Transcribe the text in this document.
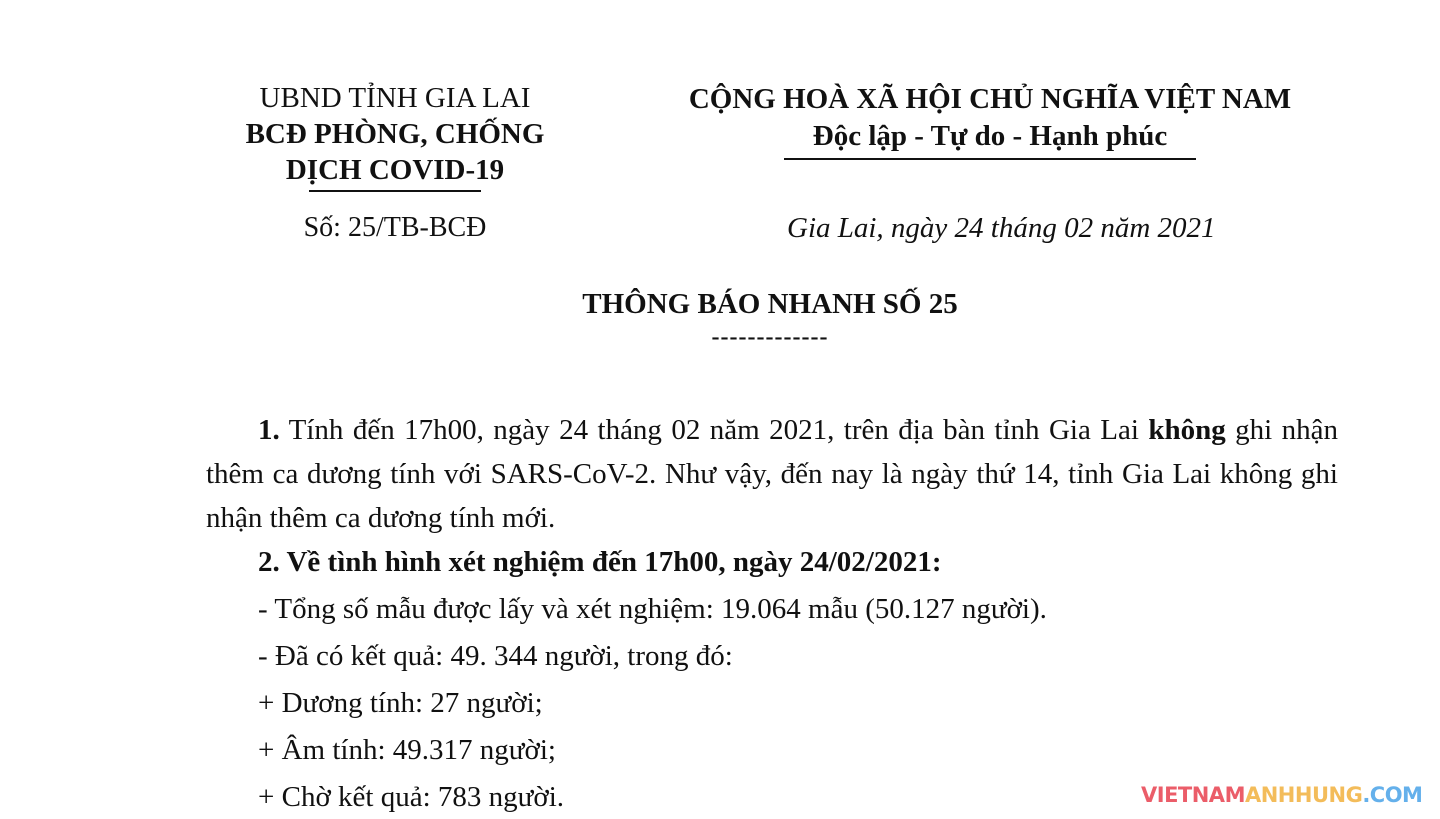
UBND TỈNH GIA LAI
BCĐ PHÒNG, CHỐNG
DỊCH COVID-19
Số: 25/TB-BCĐ
CỘNG HOÀ XÃ HỘI CHỦ NGHĨA VIỆT NAM
Độc lập - Tự do - Hạnh phúc
Gia Lai, ngày 24 tháng 02 năm 2021
THÔNG BÁO NHANH SỐ 25
-------------
1. Tính đến 17h00, ngày 24 tháng 02 năm 2021, trên địa bàn tỉnh Gia Lai không ghi nhận thêm ca dương tính với SARS-CoV-2. Như vậy, đến nay là ngày thứ 14, tỉnh Gia Lai không ghi nhận thêm ca dương tính mới.
2. Về tình hình xét nghiệm đến 17h00, ngày 24/02/2021:
- Tổng số mẫu được lấy và xét nghiệm: 19.064 mẫu (50.127 người).
- Đã có kết quả: 49. 344 người, trong đó:
+ Dương tính: 27 người;
+ Âm tính: 49.317 người;
+ Chờ kết quả: 783 người.	VIETNAMANHHUNG.COM
